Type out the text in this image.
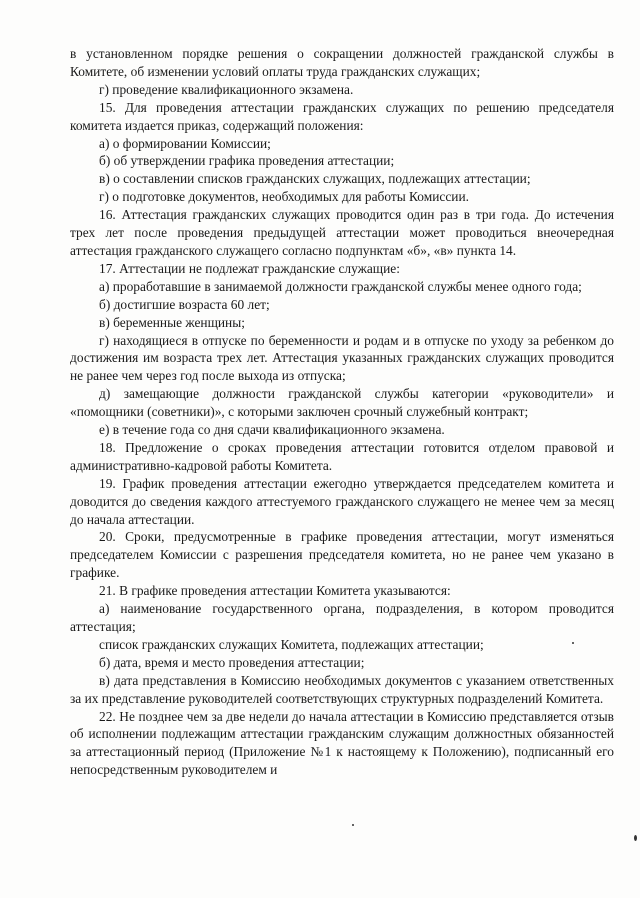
в установленном порядке решения о сокращении должностей гражданской службы в Комитете, об изменении условий оплаты труда гражданских служащих;

г) проведение квалификационного экзамена.

15. Для проведения аттестации гражданских служащих по решению председателя комитета издается приказ, содержащий положения:

а) о формировании Комиссии;

б) об утверждении графика проведения аттестации;

в) о составлении списков гражданских служащих, подлежащих аттестации;

г) о подготовке документов, необходимых для работы Комиссии.

16. Аттестация гражданских служащих проводится один раз в три года. До истечения трех лет после проведения предыдущей аттестации может проводиться внеочередная аттестация гражданского служащего согласно подпунктам «б», «в» пункта 14.

17. Аттестации не подлежат гражданские служащие:

а) проработавшие в занимаемой должности гражданской службы менее одного года;

б) достигшие возраста 60 лет;

в) беременные женщины;

г) находящиеся в отпуске по беременности и родам и в отпуске по уходу за ребенком до достижения им возраста трех лет. Аттестация указанных гражданских служащих проводится не ранее чем через год после выхода из отпуска;

д) замещающие должности гражданской службы категории «руководители» и «помощники (советники)», с которыми заключен срочный служебный контракт;

е) в течение года со дня сдачи квалификационного экзамена.

18. Предложение о сроках проведения аттестации готовится отделом правовой и административно-кадровой работы Комитета.

19. График проведения аттестации ежегодно утверждается председателем комитета и доводится до сведения каждого аттестуемого гражданского служащего не менее чем за месяц до начала аттестации.

20. Сроки, предусмотренные в графике проведения аттестации, могут изменяться председателем Комиссии с разрешения председателя комитета, но не ранее чем указано в графике.

21. В графике проведения аттестации Комитета указываются:

а) наименование государственного органа, подразделения, в котором проводится аттестация;

список гражданских служащих Комитета, подлежащих аттестации;

б) дата, время и место проведения аттестации;

в) дата представления в Комиссию необходимых документов с указанием ответственных за их представление руководителей соответствующих структурных подразделений Комитета.

22. Не позднее чем за две недели до начала аттестации в Комиссию представляется отзыв об исполнении подлежащим аттестации гражданским служащим должностных обязанностей за аттестационный период (Приложение №1 к настоящему к Положению), подписанный его непосредственным руководителем и
